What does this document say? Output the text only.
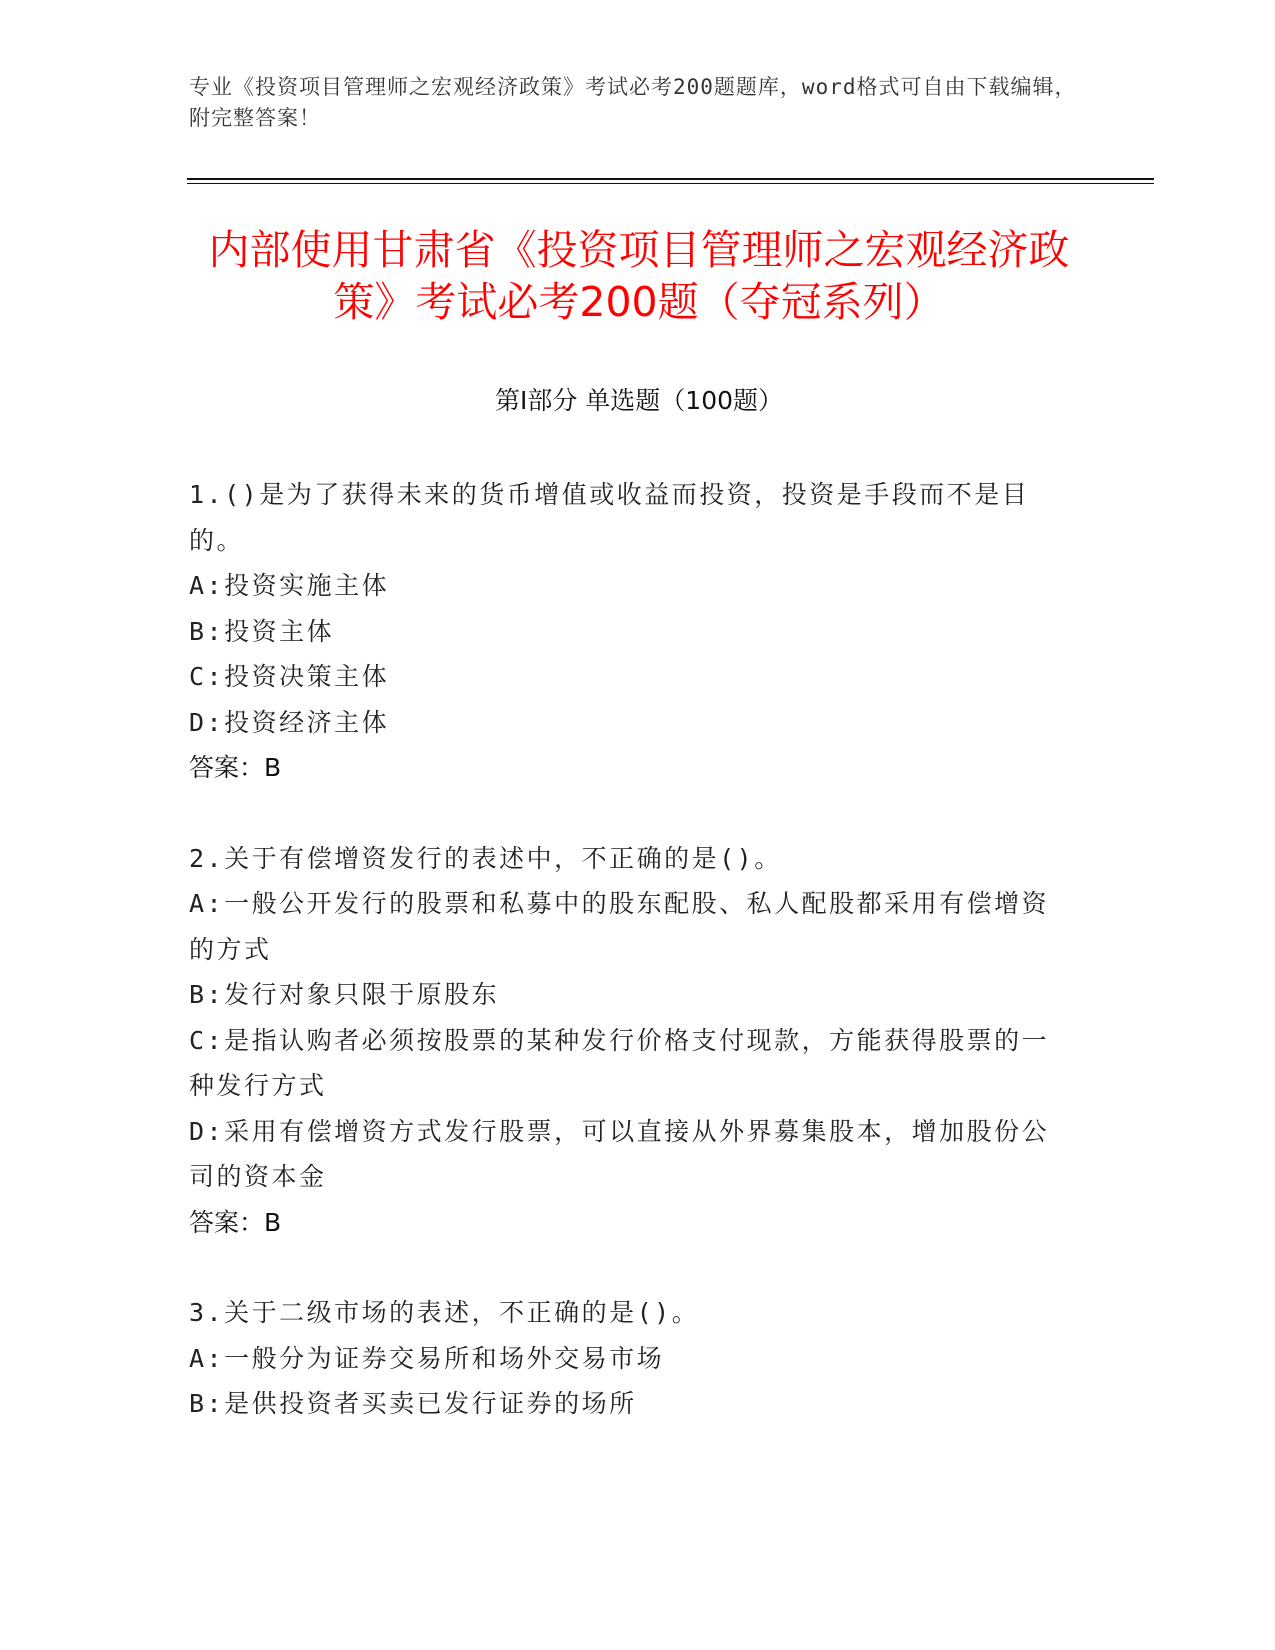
专业《投资项目管理师之宏观经济政策》考试必考200题题库，word格式可自由下载编辑，附完整答案！
内部使用甘肃省《投资项目管理师之宏观经济政策》考试必考200题（夺冠系列）
第Ⅰ部分 单选题（100题）

1.()是为了获得未来的货币增值或收益而投资，投资是手段而不是目的。

A:投资实施主体

B:投资主体

C:投资决策主体

D:投资经济主体

答案：B

2.关于有偿增资发行的表述中，不正确的是()。

A:一般公开发行的股票和私募中的股东配股、私人配股都采用有偿增资的方式

B:发行对象只限于原股东

C:是指认购者必须按股票的某种发行价格支付现款，方能获得股票的一种发行方式

D:采用有偿增资方式发行股票，可以直接从外界募集股本，增加股份公司的资本金

答案：B

3.关于二级市场的表述，不正确的是()。

A:一般分为证券交易所和场外交易市场

B:是供投资者买卖已发行证券的场所
